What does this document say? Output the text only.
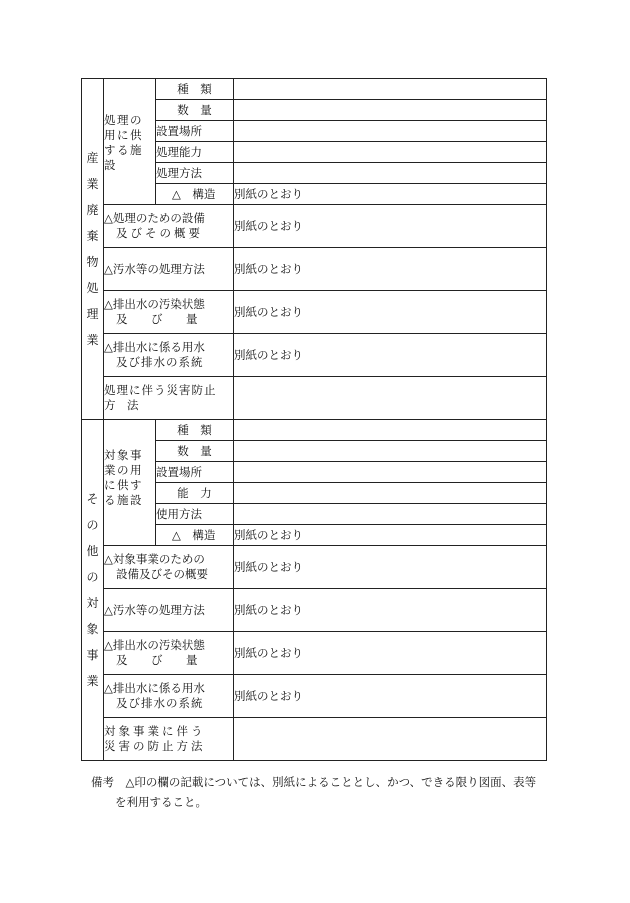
産業廃棄物処理業	処理の用に供する施設	種　類	
		数　量	
		設置場所	
		処理能力	
		処理方法	
		△　構造	別紙のとおり

	△処理のための設備
及びその概要		別紙のとおり

	△汚水等の処理方法		別紙のとおり

	△排出水の汚染状態
及　び　量		別紙のとおり

	△排出水に係る用水
及び排水の系統		別紙のとおり

	処理に伴う災害防止
方　法		

その他の対象事業	対象事業の用に供する施設	種　類	
		数　量	
		設置場所	
		能　力	
		使用方法	
		△　構造	別紙のとおり

	△対象事業のための
設備及びその概要		別紙のとおり

	△汚水等の処理方法		別紙のとおり

	△排出水の汚染状態
及　び　量		別紙のとおり

	△排出水に係る用水
及び排水の系統		別紙のとおり

	対象事業に伴う
災害の防止方法		

備考　△印の欄の記載については、別紙によることとし、かつ、できる限り図面、表等
を利用すること。
